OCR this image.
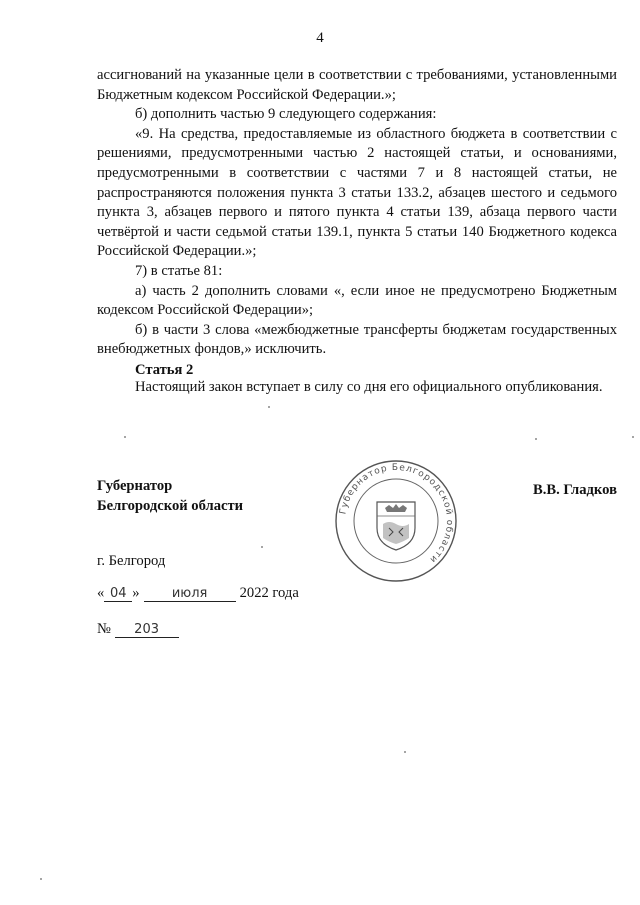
4

ассигнований на указанные цели в соответствии с требованиями, установленными Бюджетным кодексом Российской Федерации.»;

б) дополнить частью 9 следующего содержания:

«9. На средства, предоставляемые из областного бюджета в соответствии с решениями, предусмотренными частью 2 настоящей статьи, и основаниями, предусмотренными в соответствии с частями 7 и 8 настоящей статьи, не распространяются положения пункта 3 статьи 133.2, абзацев шестого и седьмого пункта 3, абзацев первого и пятого пункта 4 статьи 139, абзаца первого части четвёртой и части седьмой статьи 139.1, пункта 5 статьи 140 Бюджетного кодекса Российской Федерации.»;

7) в статье 81:

а) часть 2 дополнить словами «, если иное не предусмотрено Бюджетным кодексом Российской Федерации»;

б) в части 3 слова «межбюджетные трансферты бюджетам государственных внебюджетных фондов,» исключить.

Статья 2
Настоящий закон вступает в силу со дня его официального опубликования.
Губернатор
Белгородской области
В.В. Гладков
Губернатор Белгородской области
г. Белгород
« 04 » июля 2022 года
№ 203
